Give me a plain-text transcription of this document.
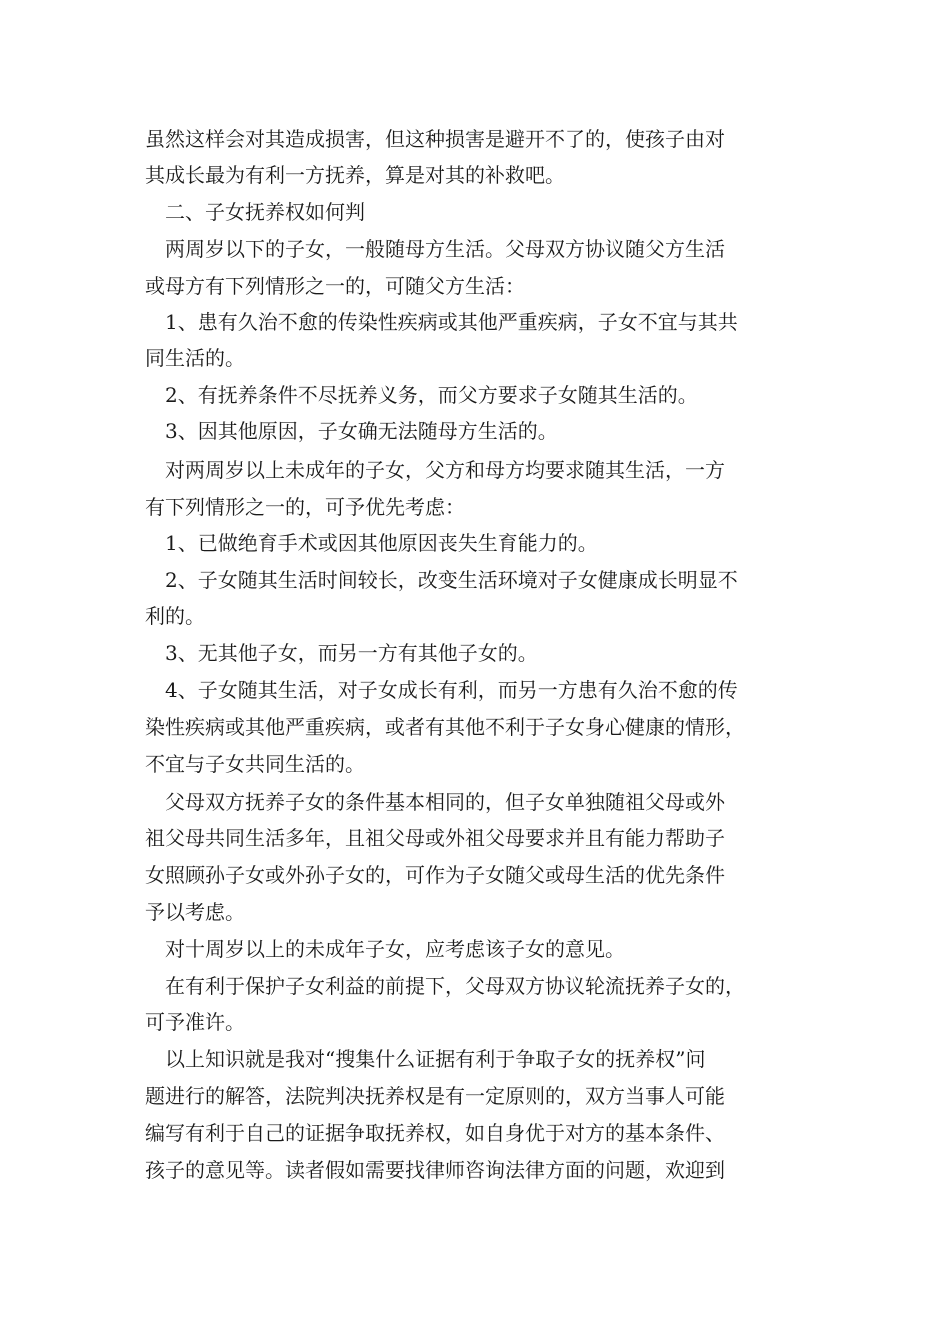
虽然这样会对其造成损害，但这种损害是避开不了的，使孩子由对
其成长最为有利一方抚养，算是对其的补救吧。
二、子女抚养权如何判
两周岁以下的子女，一般随母方生活。父母双方协议随父方生活
或母方有下列情形之一的，可随父方生活：
1、患有久治不愈的传染性疾病或其他严重疾病，子女不宜与其共
同生活的。
2、有抚养条件不尽抚养义务，而父方要求子女随其生活的。
3、因其他原因，子女确无法随母方生活的。
对两周岁以上未成年的子女，父方和母方均要求随其生活，一方
有下列情形之一的，可予优先考虑：
1、已做绝育手术或因其他原因丧失生育能力的。
2、子女随其生活时间较长，改变生活环境对子女健康成长明显不
利的。
3、无其他子女，而另一方有其他子女的。
4、子女随其生活，对子女成长有利，而另一方患有久治不愈的传
染性疾病或其他严重疾病，或者有其他不利于子女身心健康的情形，
不宜与子女共同生活的。
父母双方抚养子女的条件基本相同的，但子女单独随祖父母或外
祖父母共同生活多年，且祖父母或外祖父母要求并且有能力帮助子
女照顾孙子女或外孙子女的，可作为子女随父或母生活的优先条件
予以考虑。
对十周岁以上的未成年子女，应考虑该子女的意见。
在有利于保护子女利益的前提下，父母双方协议轮流抚养子女的，
可予准许。
以上知识就是我对“搜集什么证据有利于争取子女的抚养权”问
题进行的解答，法院判决抚养权是有一定原则的，双方当事人可能
编写有利于自己的证据争取抚养权，如自身优于对方的基本条件、
孩子的意见等。读者假如需要找律师咨询法律方面的问题，欢迎到
